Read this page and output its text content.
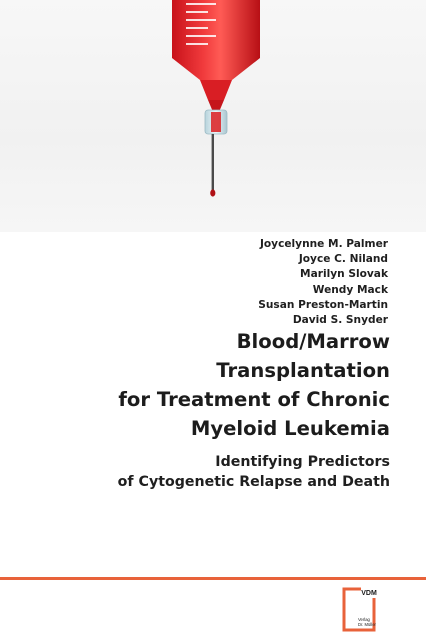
Joycelynne M. Palmer
Joyce C. Niland
Marilyn Slovak
Wendy Mack
Susan Preston-Martin
David S. Snyder
Blood/Marrow
Transplantation
for Treatment of Chronic
Myeloid Leukemia
Identifying Predictors
of Cytogenetic Relapse and Death
VDM
Verlag
Dr. Müller
